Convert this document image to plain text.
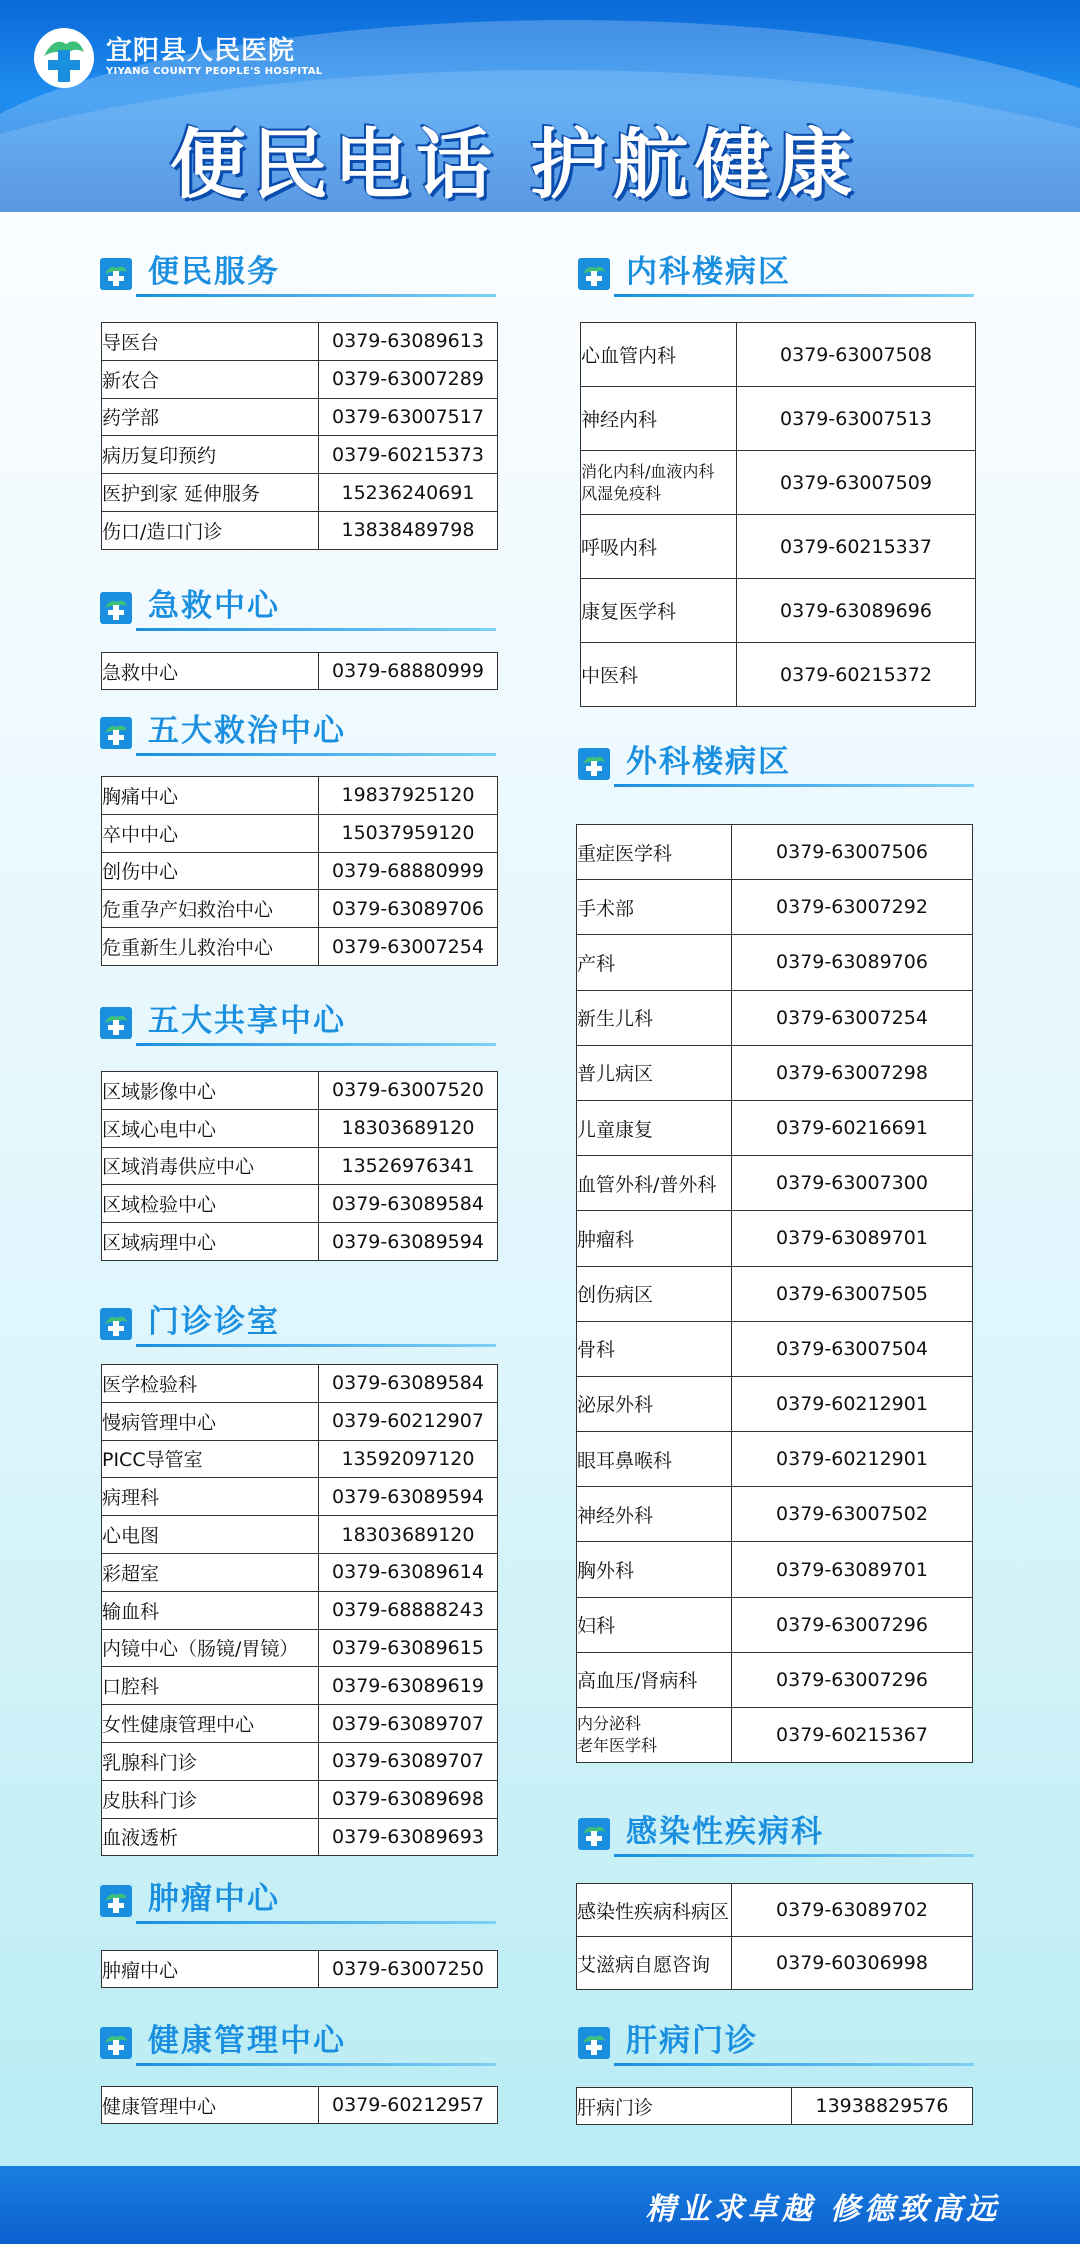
宜阳县人民医院
YIYANG COUNTY PEOPLE'S HOSPITAL
便民电话 护航健康
便民服务
导医台	0379-63089613
新农合	0379-63007289
药学部	0379-63007517
病历复印预约	0379-60215373
医护到家 延伸服务	15236240691
伤口/造口门诊	13838489798
急救中心
急救中心	0379-68880999
五大救治中心
胸痛中心	19837925120
卒中中心	15037959120
创伤中心	0379-68880999
危重孕产妇救治中心	0379-63089706
危重新生儿救治中心	0379-63007254
五大共享中心
区域影像中心	0379-63007520
区域心电中心	18303689120
区域消毒供应中心	13526976341
区域检验中心	0379-63089584
区域病理中心	0379-63089594
门诊诊室
医学检验科	0379-63089584
慢病管理中心	0379-60212907
PICC导管室	13592097120
病理科	0379-63089594
心电图	18303689120
彩超室	0379-63089614
输血科	0379-68888243
内镜中心（肠镜/胃镜）	0379-63089615
口腔科	0379-63089619
女性健康管理中心	0379-63089707
乳腺科门诊	0379-63089707
皮肤科门诊	0379-63089698
血液透析	0379-63089693
肿瘤中心
肿瘤中心	0379-63007250
健康管理中心
健康管理中心	0379-60212957
内科楼病区
心血管内科	0379-63007508
神经内科	0379-63007513
消化内科/血液内科
风湿免疫科	0379-63007509
呼吸内科	0379-60215337
康复医学科	0379-63089696
中医科	0379-60215372
外科楼病区
重症医学科	0379-63007506
手术部	0379-63007292
产科	0379-63089706
新生儿科	0379-63007254
普儿病区	0379-63007298
儿童康复	0379-60216691
血管外科/普外科	0379-63007300
肿瘤科	0379-63089701
创伤病区	0379-63007505
骨科	0379-63007504
泌尿外科	0379-60212901
眼耳鼻喉科	0379-60212901
神经外科	0379-63007502
胸外科	0379-63089701
妇科	0379-63007296
高血压/肾病科	0379-63007296
内分泌科
老年医学科	0379-60215367
感染性疾病科
感染性疾病科病区	0379-63089702
艾滋病自愿咨询	0379-60306998
肝病门诊
肝病门诊	13938829576
精业求卓越 修德致高远
